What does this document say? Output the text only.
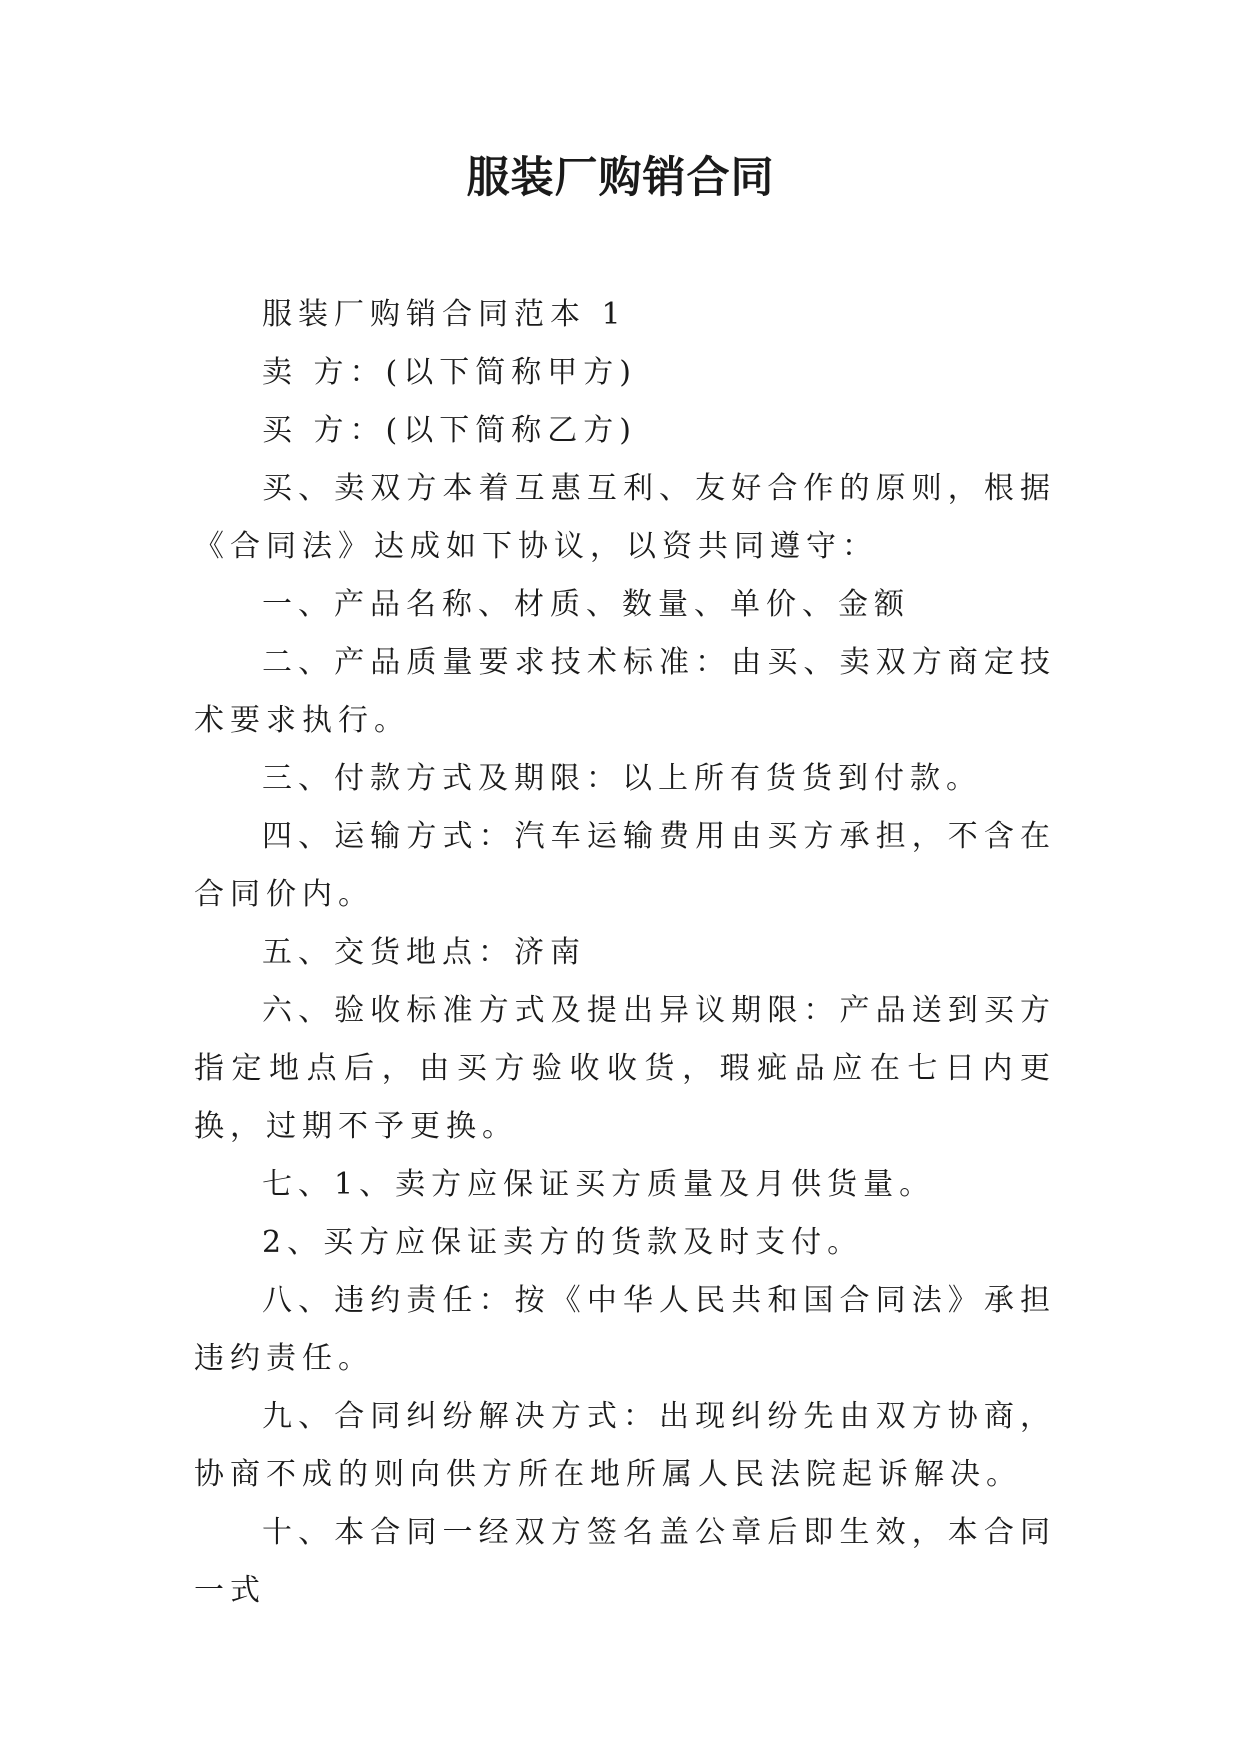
服装厂购销合同

服装厂购销合同范本 1

卖 方：(以下简称甲方)

买 方：(以下简称乙方)

买、卖双方本着互惠互利、友好合作的原则，根据《合同法》达成如下协议，以资共同遵守：

一、产品名称、材质、数量、单价、金额

二、产品质量要求技术标准：由买、卖双方商定技术要求执行。

三、付款方式及期限：以上所有货货到付款。

四、运输方式：汽车运输费用由买方承担，不含在合同价内。

五、交货地点：济南

六、验收标准方式及提出异议期限：产品送到买方指定地点后，由买方验收收货，瑕疵品应在七日内更换，过期不予更换。

七、1、卖方应保证买方质量及月供货量。

2、买方应保证卖方的货款及时支付。

八、违约责任：按《中华人民共和国合同法》承担违约责任。

九、合同纠纷解决方式：出现纠纷先由双方协商，协商不成的则向供方所在地所属人民法院起诉解决。

十、本合同一经双方签名盖公章后即生效，本合同一式
